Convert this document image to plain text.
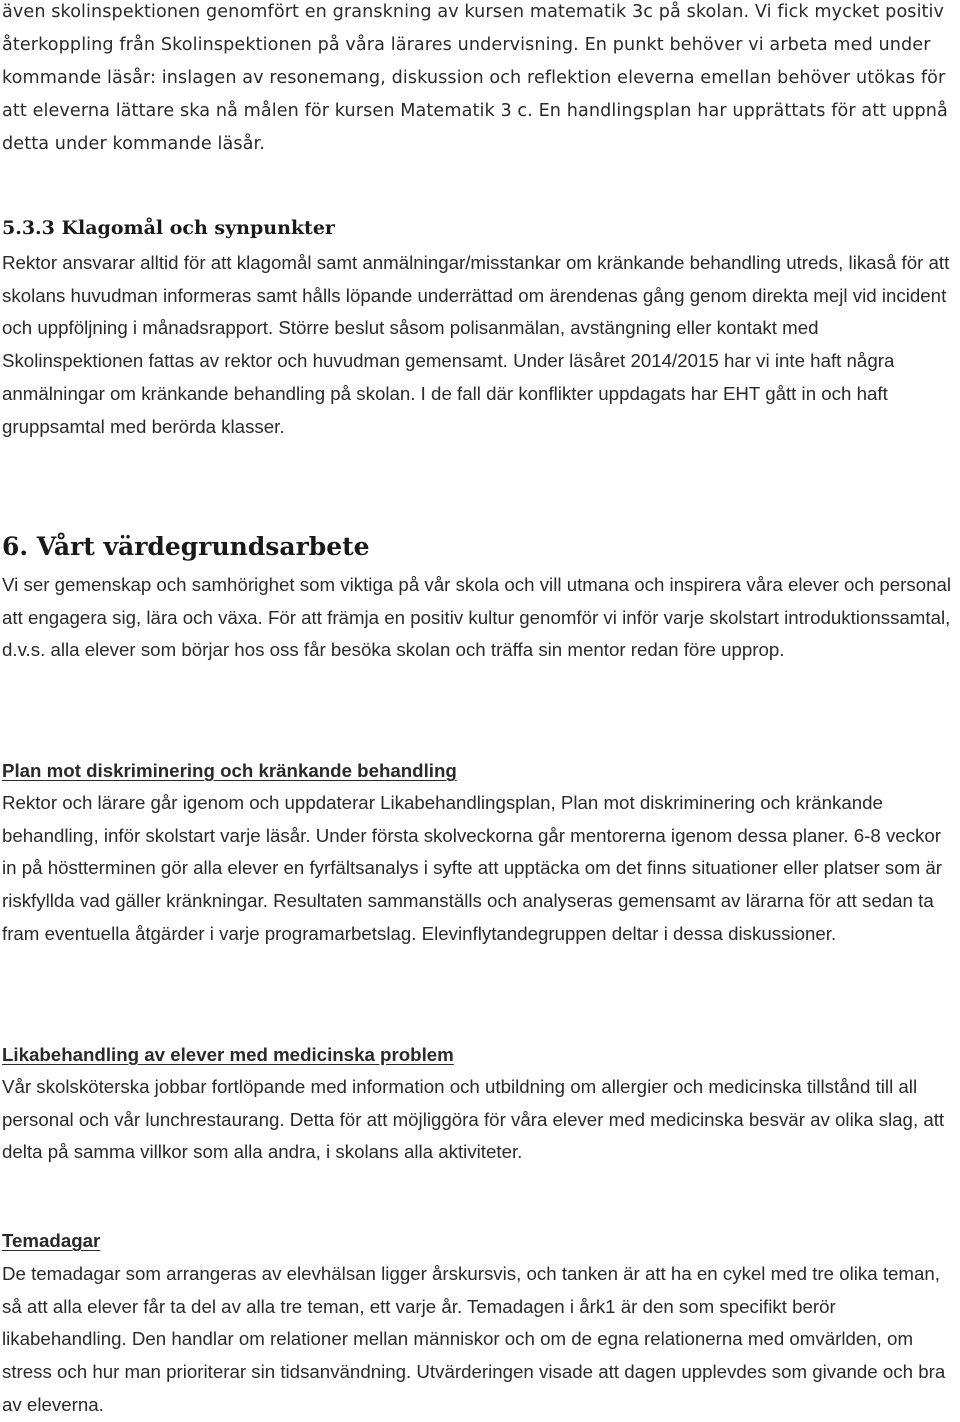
även skolinspektionen genomfört en granskning av kursen matematik 3c på skolan. Vi fick mycket positiv återkoppling från Skolinspektionen på våra lärares undervisning. En punkt behöver vi arbeta med under kommande läsår: inslagen av resonemang, diskussion och reflektion eleverna emellan behöver utökas för att eleverna lättare ska nå målen för kursen Matematik 3 c. En handlingsplan har upprättats för att uppnå detta under kommande läsår.

5.3.3 Klagomål och synpunkter

Rektor ansvarar alltid för att klagomål samt anmälningar/misstankar om kränkande behandling utreds, likaså för att skolans huvudman informeras samt hålls löpande underrättad om ärendenas gång genom direkta mejl vid incident och uppföljning i månadsrapport. Större beslut såsom polisanmälan, avstängning eller kontakt med Skolinspektionen fattas av rektor och huvudman gemensamt. Under läsåret 2014/2015 har vi inte haft några anmälningar om kränkande behandling på skolan. I de fall där konflikter uppdagats har EHT gått in och haft gruppsamtal med berörda klasser.

6. Vårt värdegrundsarbete

Vi ser gemenskap och samhörighet som viktiga på vår skola och vill utmana och inspirera våra elever och personal att engagera sig, lära och växa. För att främja en positiv kultur genomför vi inför varje skolstart introduktionssamtal, d.v.s. alla elever som börjar hos oss får besöka skolan och träffa sin mentor redan före upprop.

Plan mot diskriminering och kränkande behandling

Rektor och lärare går igenom och uppdaterar Likabehandlingsplan, Plan mot diskriminering och kränkande behandling, inför skolstart varje läsår. Under första skolveckorna går mentorerna igenom dessa planer. 6-8 veckor in på höstterminen gör alla elever en fyrfältsanalys i syfte att upptäcka om det finns situationer eller platser som är riskfyllda vad gäller kränkningar. Resultaten sammanställs och analyseras gemensamt av lärarna för att sedan ta fram eventuella åtgärder i varje programarbetslag. Elevinflytandegruppen deltar i dessa diskussioner.

Likabehandling av elever med medicinska problem

Vår skolsköterska jobbar fortlöpande med information och utbildning om allergier och medicinska tillstånd till all personal och vår lunchrestaurang. Detta för att möjliggöra för våra elever med medicinska besvär av olika slag, att delta på samma villkor som alla andra, i skolans alla aktiviteter.

Temadagar

De temadagar som arrangeras av elevhälsan ligger årskursvis, och tanken är att ha en cykel med tre olika teman, så att alla elever får ta del av alla tre teman, ett varje år. Temadagen i årk1 är den som specifikt berör likabehandling. Den handlar om relationer mellan människor och om de egna relationerna med omvärlden, om stress och hur man prioriterar sin tidsanvändning. Utvärderingen visade att dagen upplevdes som givande och bra av eleverna.
